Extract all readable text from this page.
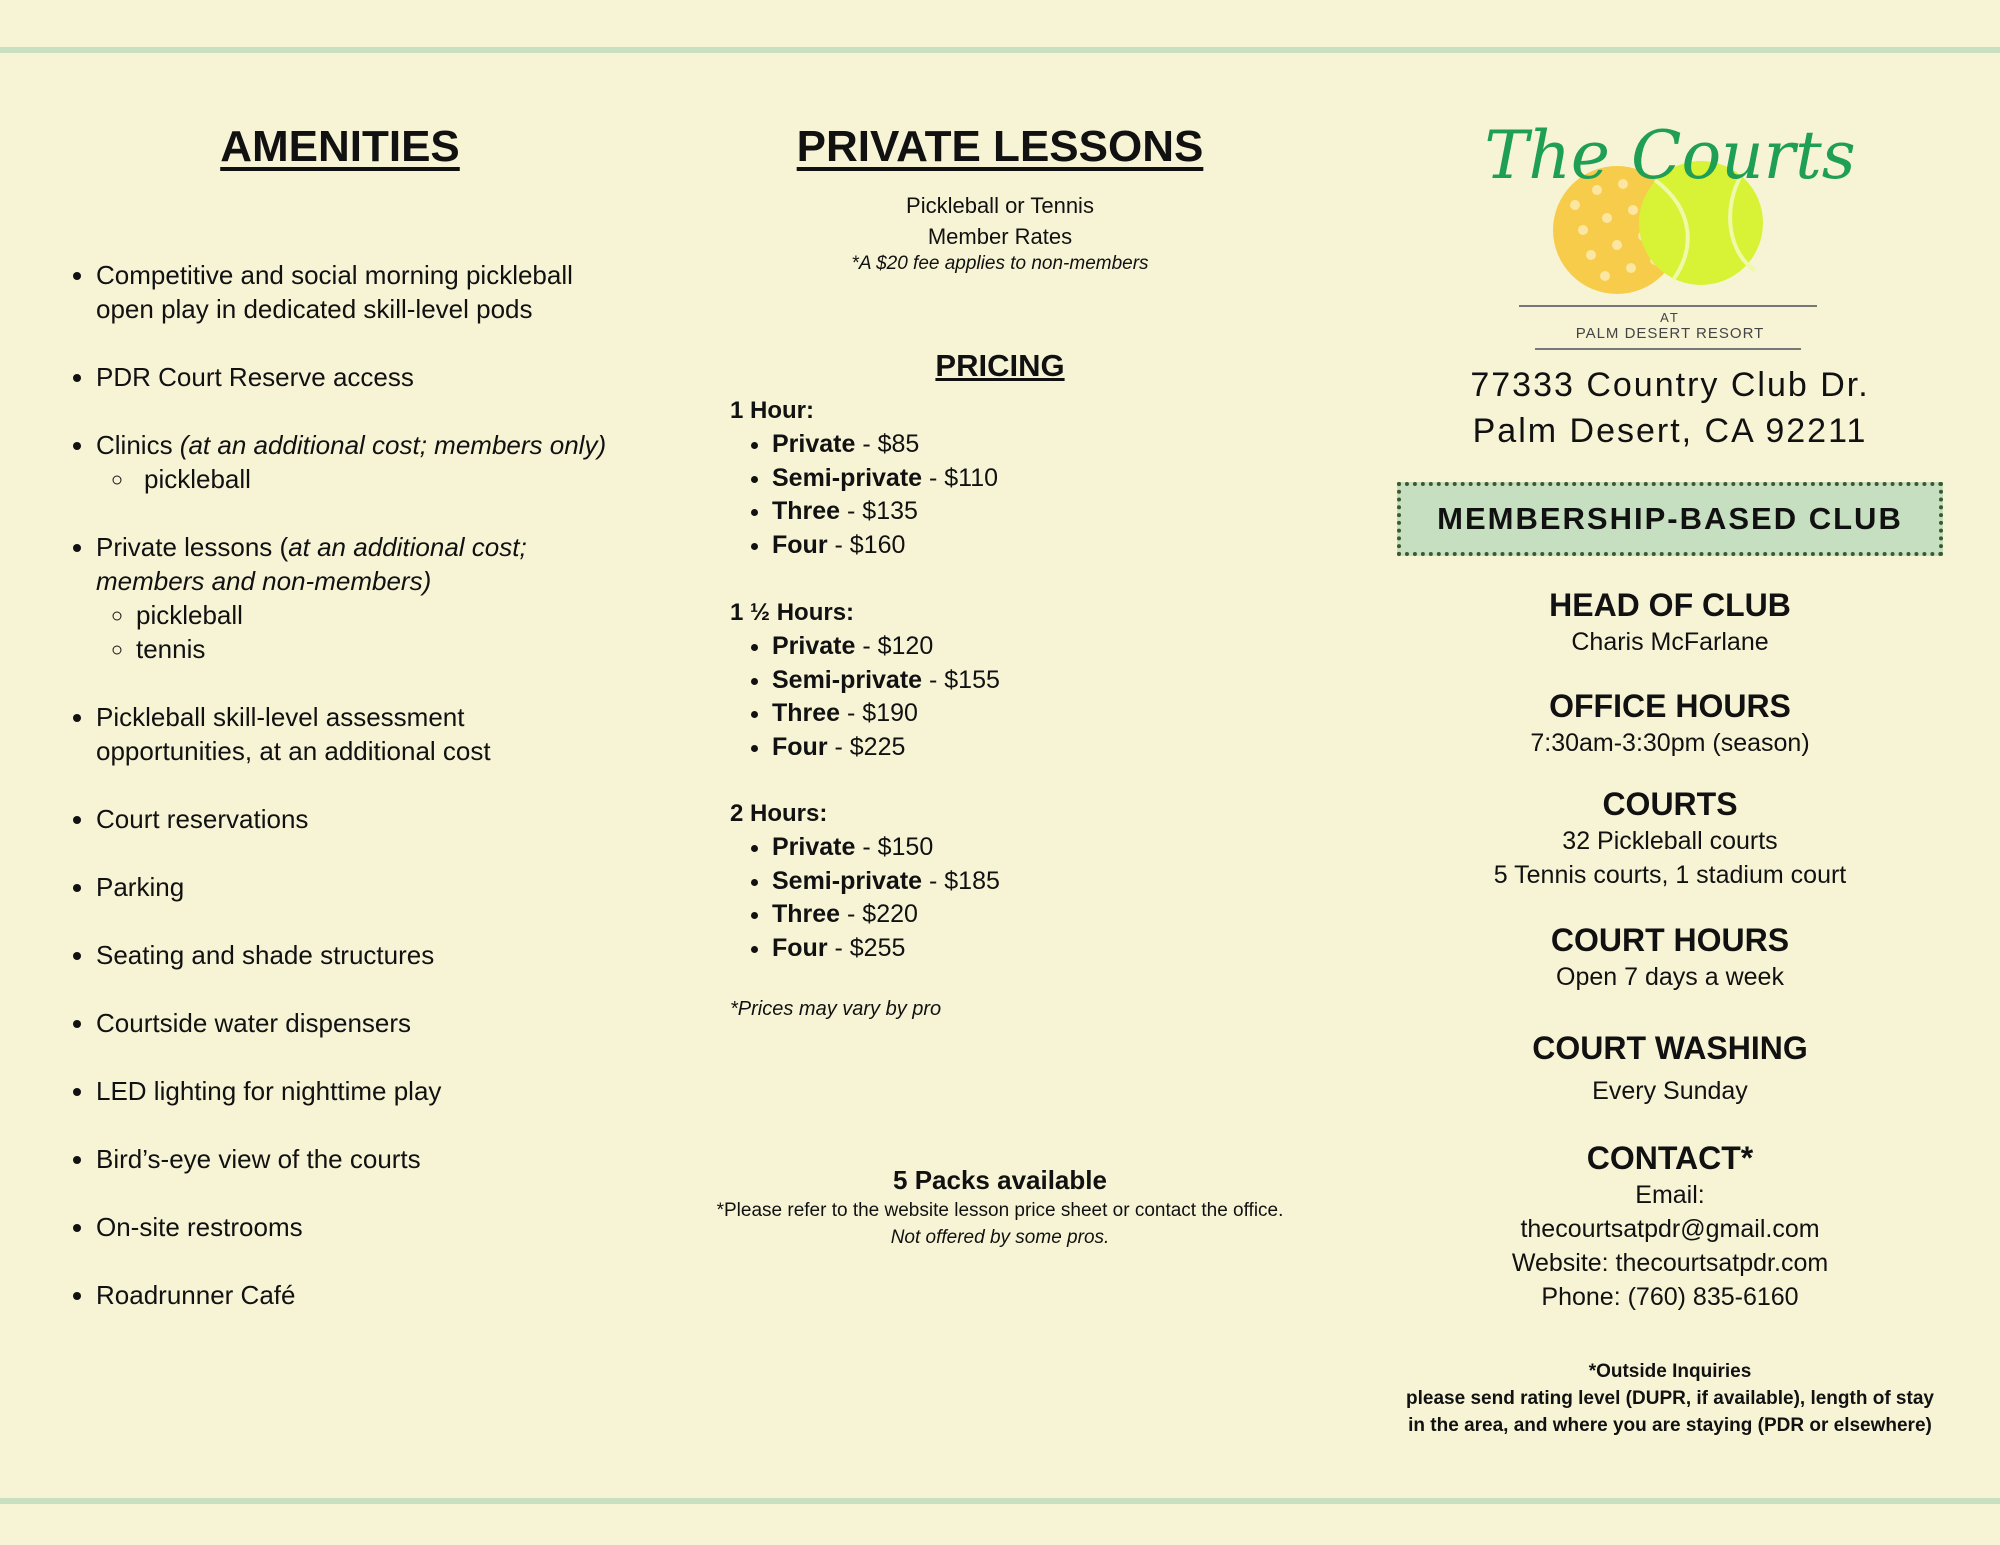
AMENITIES
• Competitive and social morning pickleball open play in dedicated skill-level pods
• PDR Court Reserve access
• Clinics (at an additional cost; members only)
◦ pickleball
• Private lessons (at an additional cost; members and non-members)
◦ pickleball
◦ tennis
• Pickleball skill-level assessment opportunities, at an additional cost
• Court reservations
• Parking
• Seating and shade structures
• Courtside water dispensers
• LED lighting for nighttime play
• Bird’s-eye view of the courts
• On-site restrooms
• Roadrunner Café
PRIVATE LESSONS
Pickleball or Tennis
Member Rates
*A $20 fee applies to non-members
PRICING
1 Hour:
• Private - $85
• Semi-private - $110
• Three - $135
• Four - $160
1 ½ Hours:
• Private - $120
• Semi-private - $155
• Three - $190
• Four - $225
2 Hours:
• Private - $150
• Semi-private - $185
• Three - $220
• Four - $255
*Prices may vary by pro
5 Packs available
*Please refer to the website lesson price sheet or contact the office.
Not offered by some pros.
The Courts
AT
PALM DESERT RESORT
77333 Country Club Dr.
Palm Desert, CA 92211
MEMBERSHIP-BASED CLUB
HEAD OF CLUB
Charis McFarlane
OFFICE HOURS
7:30am-3:30pm (season)
COURTS
32 Pickleball courts
5 Tennis courts, 1 stadium court
COURT HOURS
Open 7 days a week
COURT WASHING
Every Sunday
CONTACT*
Email:
thecourtsatpdr@gmail.com
Website: thecourtsatpdr.com
Phone: (760) 835-6160
*Outside Inquiries
please send rating level (DUPR, if available), length of stay in the area, and where you are staying (PDR or elsewhere)
